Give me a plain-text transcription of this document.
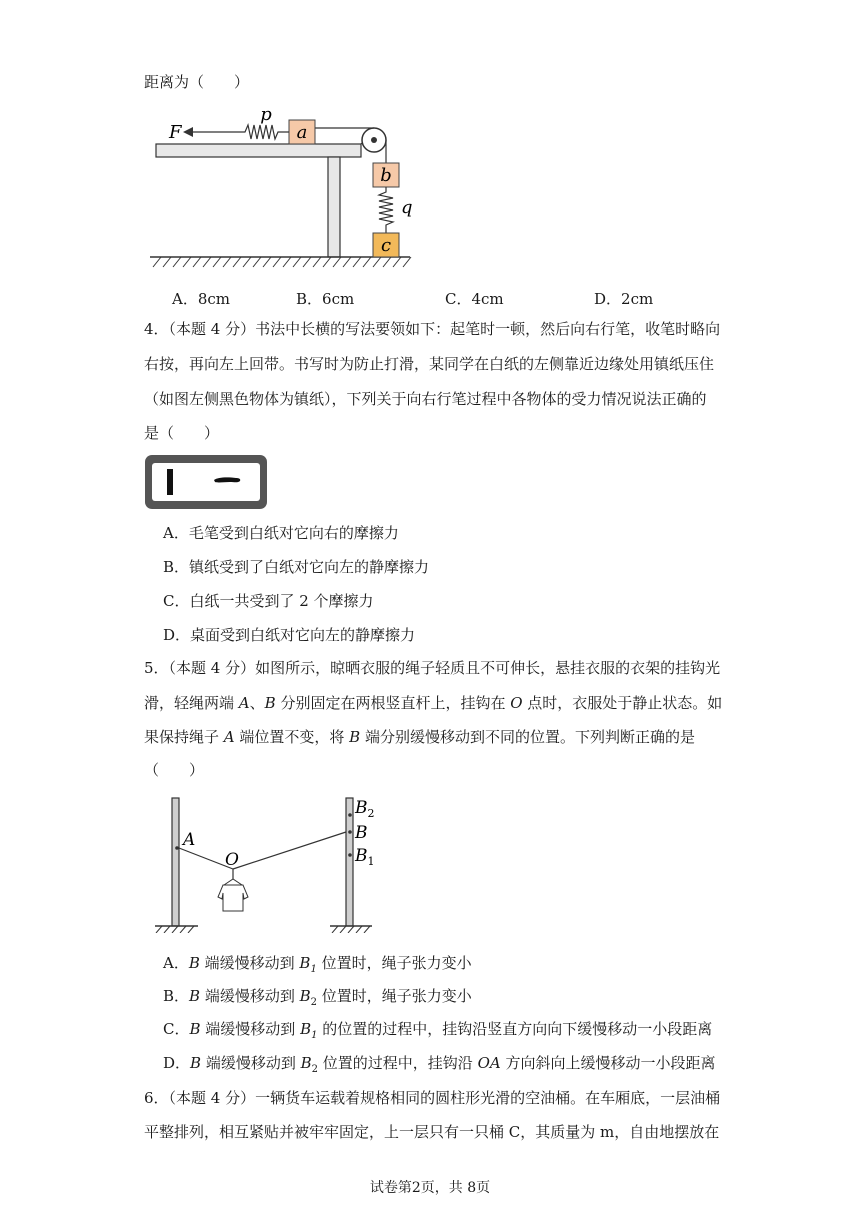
距离为（　　）
a
p
F
b
q
c
A．8cm	B．6cm	C．4cm	D．2cm
4．（本题 4 分）书法中长横的写法要领如下：起笔时一顿，然后向右行笔，收笔时略向
右按，再向左上回带。书写时为防止打滑，某同学在白纸的左侧靠近边缘处用镇纸压住
（如图左侧黑色物体为镇纸），下列关于向右行笔过程中各物体的受力情况说法正确的
是（　　）
A．毛笔受到白纸对它向右的摩擦力
B．镇纸受到了白纸对它向左的静摩擦力
C．白纸一共受到了 2 个摩擦力
D．桌面受到白纸对它向左的静摩擦力
5．（本题 4 分）如图所示，晾晒衣服的绳子轻质且不可伸长，悬挂衣服的衣架的挂钩光
滑，轻绳两端 A、B 分别固定在两根竖直杆上，挂钩在 O 点时，衣服处于静止状态。如
果保持绳子 A 端位置不变，将 B 端分别缓慢移动到不同的位置。下列判断正确的是
（　　）
A
O
$B_2$
B
$B_1$
A．B 端缓慢移动到 $B_1$ 位置时，绳子张力变小
B．B 端缓慢移动到 $B_2$ 位置时，绳子张力变小
C．B 端缓慢移动到 $B_1$ 的位置的过程中，挂钩沿竖直方向向下缓慢移动一小段距离
D．B 端缓慢移动到 $B_2$ 位置的过程中，挂钩沿 OA 方向斜向上缓慢移动一小段距离
6．（本题 4 分）一辆货车运载着规格相同的圆柱形光滑的空油桶。在车厢底，一层油桶
平整排列，相互紧贴并被牢牢固定，上一层只有一只桶 C，其质量为 m，自由地摆放在
试卷第2页，共 8页
